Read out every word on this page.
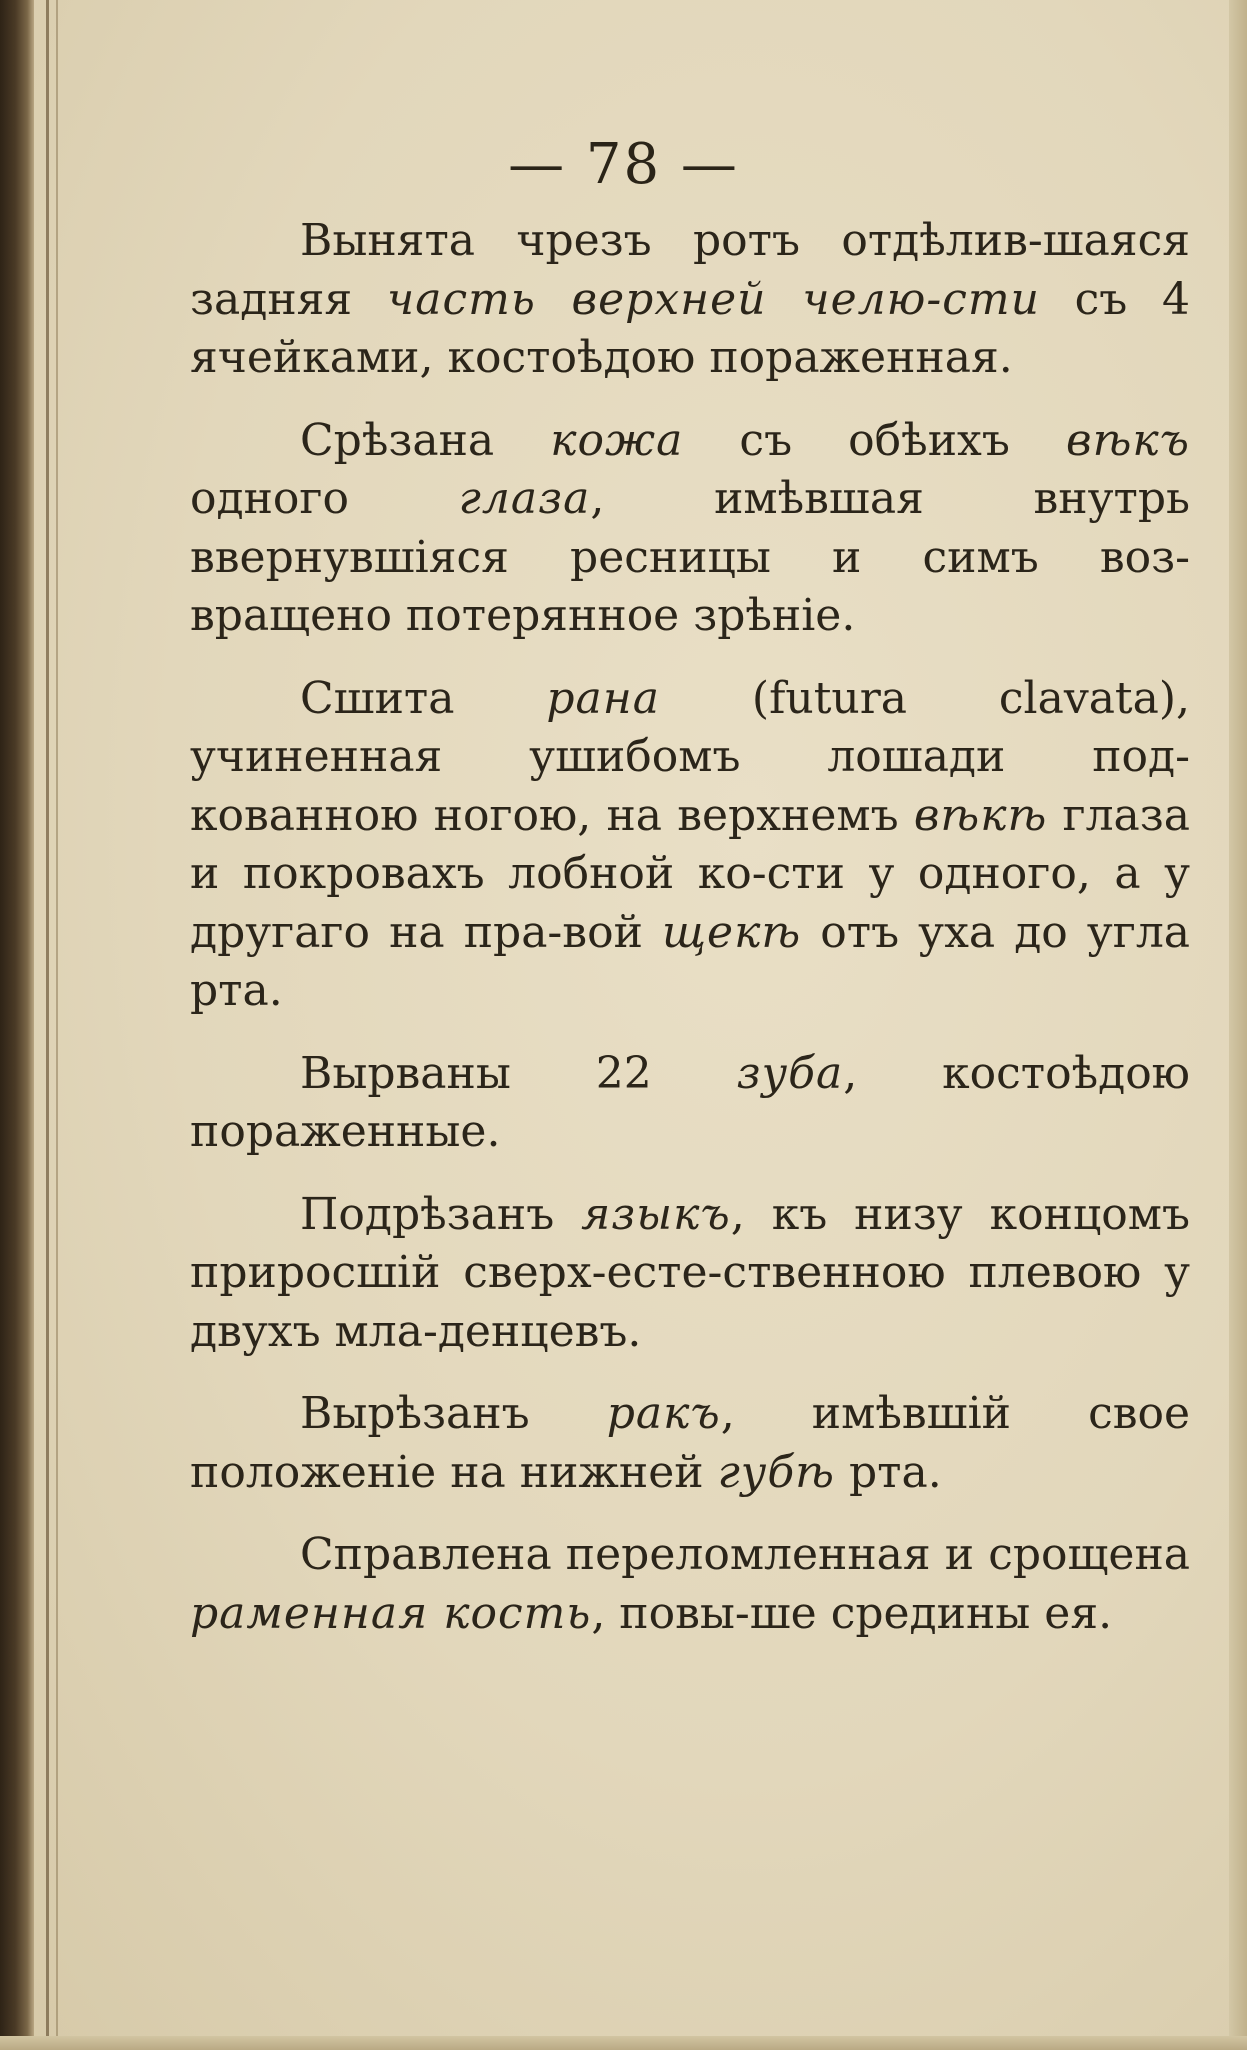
— 78 —

Вынята чрезъ ротъ отдѣлив-шаяся задняя часть верхней челю-сти съ 4 ячейками, костоѣдою пораженная.

Срѣзана кожа съ обѣихъ вѣкъ одного глаза, имѣвшая внутрь ввернувшіяся ресницы и симъ воз-вращено потерянное зрѣніе.

Сшита рана (futura clavata), учиненная ушибомъ лошади под-кованною ногою, на верхнемъ вѣкѣ глаза и покровахъ лобной ко-сти у одного, а у другаго на пра-вой щекѣ отъ уха до угла рта.

Вырваны 22 зуба, костоѣдою пораженные.

Подрѣзанъ языкъ, къ низу концомъ приросшій сверх-есте-ственною плевою у двухъ мла-денцевъ.

Вырѣзанъ ракъ, имѣвшій свое положеніе на нижней губѣ рта.

Справлена переломленная и срощена раменная кость, повы-ше средины ея.
